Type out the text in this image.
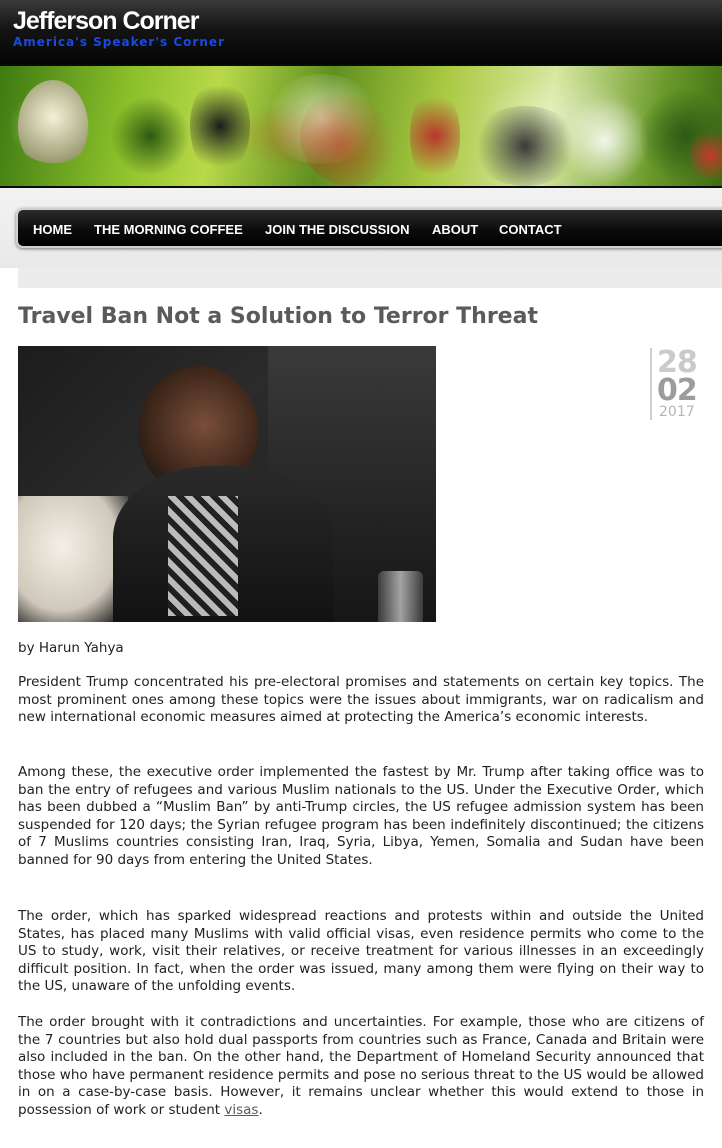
Jefferson Corner
America's Speaker's Corner
HOME THE MORNING COFFEE JOIN THE DISCUSSION ABOUT CONTACT
Travel Ban Not a Solution to Terror Threat
28
02
2017

by Harun Yahya

President Trump concentrated his pre-electoral promises and statements on certain key topics. The most prominent ones among these topics were the issues about immigrants, war on radicalism and new international economic measures aimed at protecting the America’s economic interests.

Among these, the executive order implemented the fastest by Mr. Trump after taking office was to ban the entry of refugees and various Muslim nationals to the US. Under the Executive Order, which has been dubbed a “Muslim Ban” by anti-Trump circles, the US refugee admission system has been suspended for 120 days; the Syrian refugee program has been indefinitely discontinued; the citizens of 7 Muslims countries consisting Iran, Iraq, Syria, Libya, Yemen, Somalia and Sudan have been banned for 90 days from entering the United States.

The order, which has sparked widespread reactions and protests within and outside the United States, has placed many Muslims with valid official visas, even residence permits who come to the US to study, work, visit their relatives, or receive treatment for various illnesses in an exceedingly difficult position. In fact, when the order was issued, many among them were flying on their way to the US, unaware of the unfolding events.

The order brought with it contradictions and uncertainties. For example, those who are citizens of the 7 countries but also hold dual passports from countries such as France, Canada and Britain were also included in the ban. On the other hand, the Department of Homeland Security announced that those who have permanent residence permits and pose no serious threat to the US would be allowed in on a case-by-case basis. However, it remains unclear whether this would extend to those in possession of work or student visas.
